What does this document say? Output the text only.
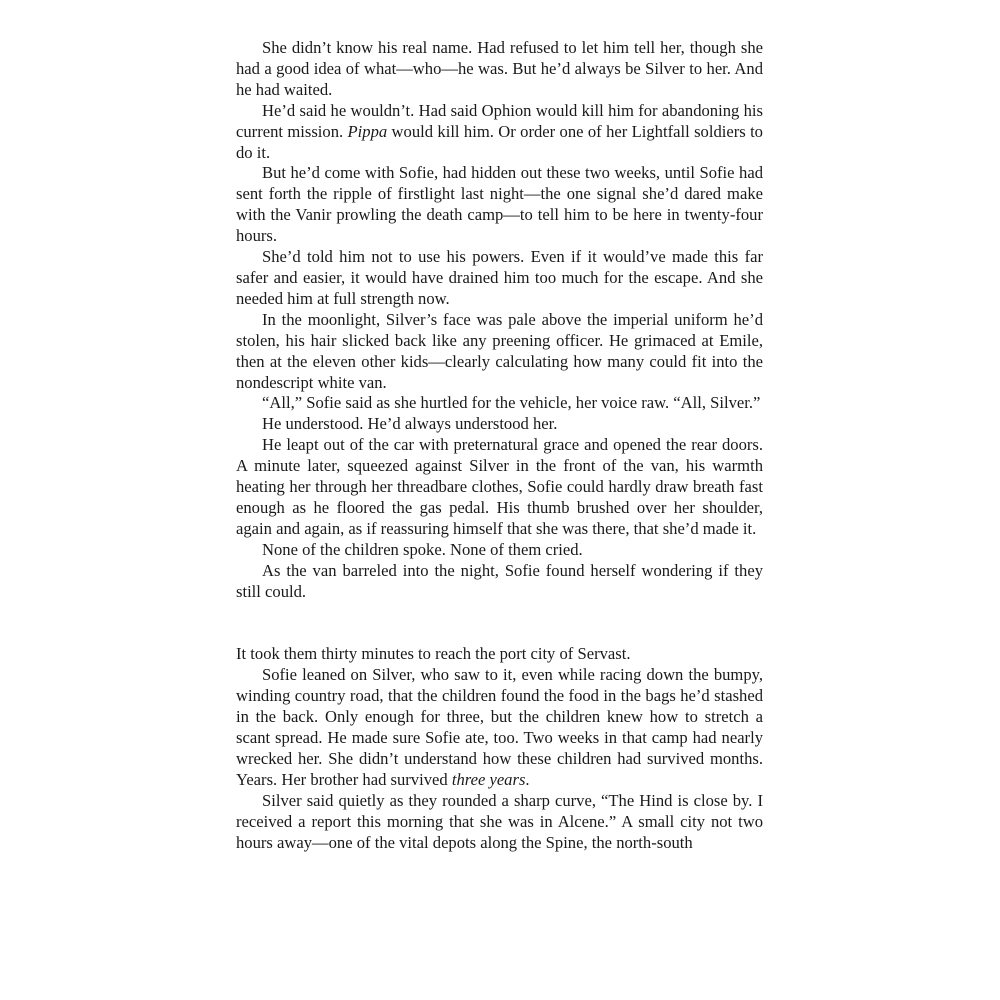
She didn’t know his real name. Had refused to let him tell her, though she had a good idea of what—who—he was. But he’d always be Silver to her. And he had waited.

He’d said he wouldn’t. Had said Ophion would kill him for abandoning his current mission. Pippa would kill him. Or order one of her Lightfall soldiers to do it.

But he’d come with Sofie, had hidden out these two weeks, until Sofie had sent forth the ripple of firstlight last night—the one signal she’d dared make with the Vanir prowling the death camp—to tell him to be here in twenty-four hours.

She’d told him not to use his powers. Even if it would’ve made this far safer and easier, it would have drained him too much for the escape. And she needed him at full strength now.

In the moonlight, Silver’s face was pale above the imperial uniform he’d stolen, his hair slicked back like any preening officer. He grimaced at Emile, then at the eleven other kids—clearly calculating how many could fit into the nondescript white van.

“All,” Sofie said as she hurtled for the vehicle, her voice raw. “All, Silver.”

He understood. He’d always understood her.

He leapt out of the car with preternatural grace and opened the rear doors. A minute later, squeezed against Silver in the front of the van, his warmth heating her through her threadbare clothes, Sofie could hardly draw breath fast enough as he floored the gas pedal. His thumb brushed over her shoulder, again and again, as if reassuring himself that she was there, that she’d made it.

None of the children spoke. None of them cried.

As the van barreled into the night, Sofie found herself wondering if they still could.

It took them thirty minutes to reach the port city of Servast.

Sofie leaned on Silver, who saw to it, even while racing down the bumpy, winding country road, that the children found the food in the bags he’d stashed in the back. Only enough for three, but the children knew how to stretch a scant spread. He made sure Sofie ate, too. Two weeks in that camp had nearly wrecked her. She didn’t understand how these children had survived months. Years. Her brother had survived three years.

Silver said quietly as they rounded a sharp curve, “The Hind is close by. I received a report this morning that she was in Alcene.” A small city not two hours away—one of the vital depots along the Spine, the north-south
